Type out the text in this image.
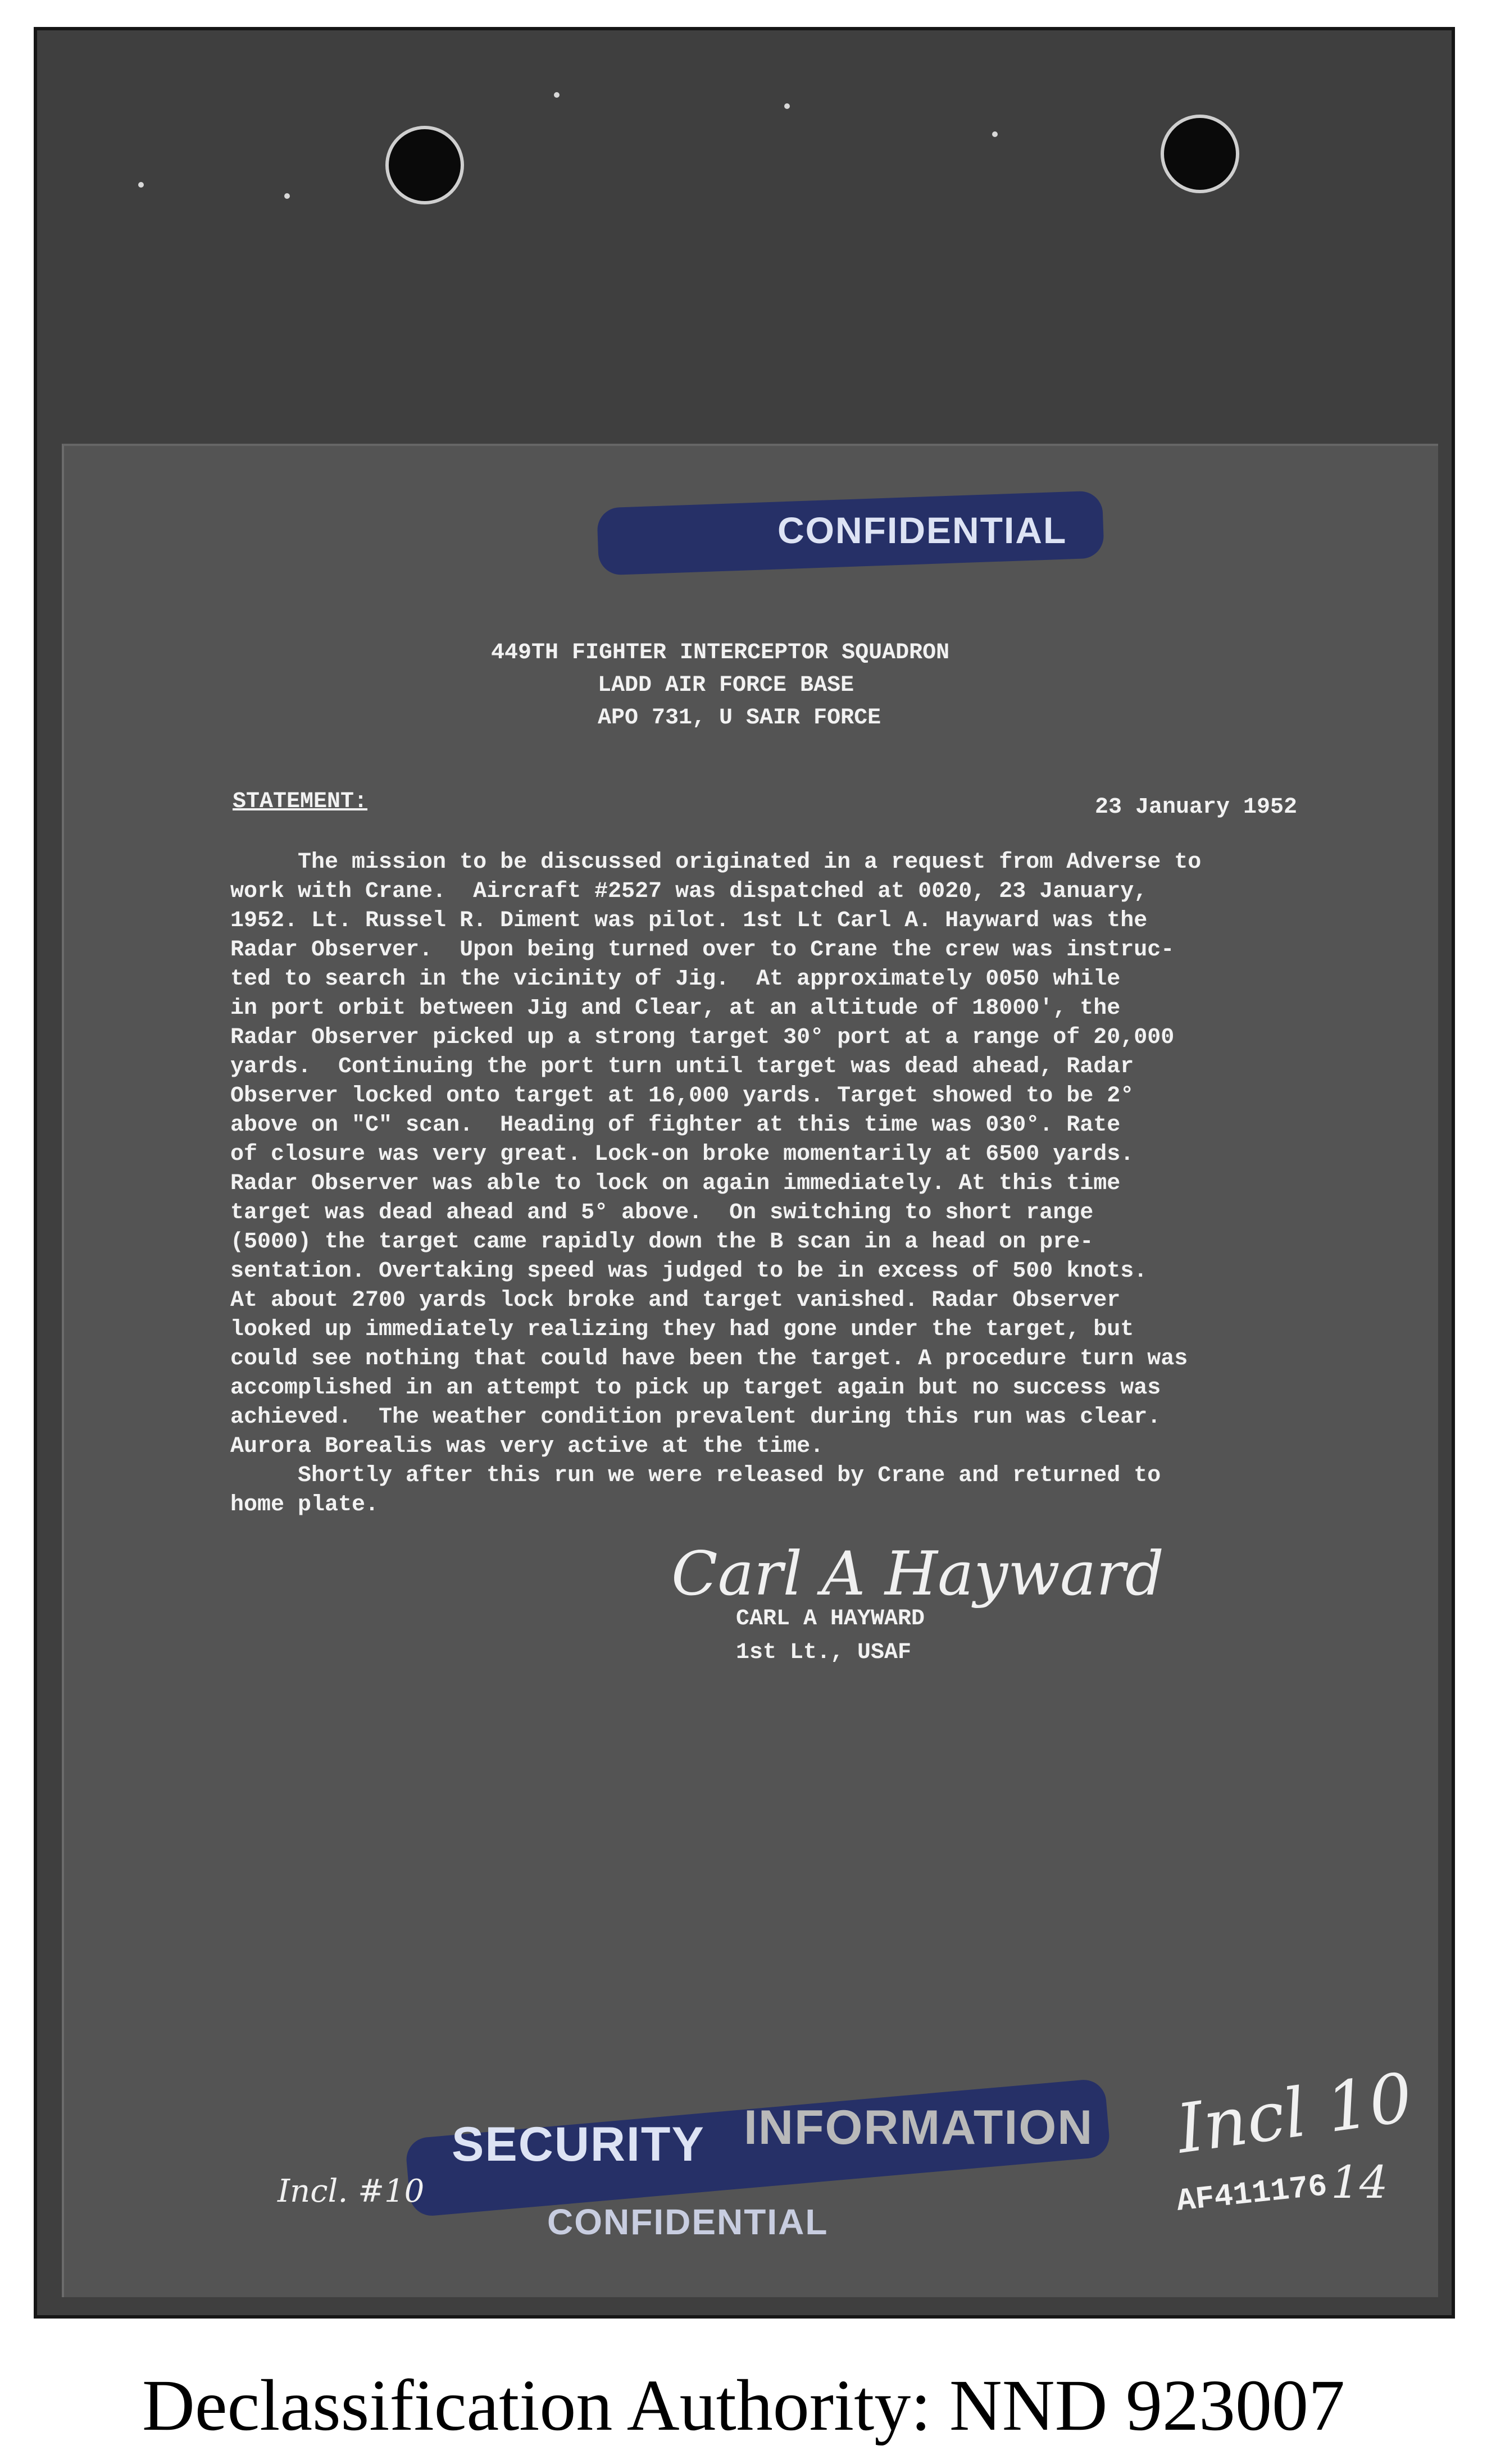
CONFIDENTIAL
449TH FIGHTER INTERCEPTOR SQUADRON
LADD AIR FORCE BASE
APO 731, U SAIR FORCE
STATEMENT:	23 January 1952
SECURITY INFORMATION
CONFIDENTIAL
Incl. #10
Incl 10
AF411176 14

The mission to be discussed originated in a request from Adverse to

work with Crane.  Aircraft #2527 was dispatched at 0020, 23 January,

1952. Lt. Russel R. Diment was pilot. 1st Lt Carl A. Hayward was the

Radar Observer.  Upon being turned over to Crane the crew was instruc-

ted to search in the vicinity of Jig.  At approximately 0050 while

in port orbit between Jig and Clear, at an altitude of 18000', the

Radar Observer picked up a strong target 30° port at a range of 20,000

yards.  Continuing the port turn until target was dead ahead, Radar

Observer locked onto target at 16,000 yards. Target showed to be 2°

above on "C" scan.  Heading of fighter at this time was 030°. Rate

of closure was very great. Lock-on broke momentarily at 6500 yards.

Radar Observer was able to lock on again immediately. At this time

target was dead ahead and 5° above.  On switching to short range

(5000) the target came rapidly down the B scan in a head on pre-

sentation. Overtaking speed was judged to be in excess of 500 knots.

At about 2700 yards lock broke and target vanished. Radar Observer

looked up immediately realizing they had gone under the target, but

could see nothing that could have been the target. A procedure turn was

accomplished in an attempt to pick up target again but no success was

achieved.  The weather condition prevalent during this run was clear.

Aurora Borealis was very active at the time.

Shortly after this run we were released by Crane and returned to

home plate.

Carl A Hayward
CARL A HAYWARD
1st Lt., USAF
Declassification Authority: NND 923007
